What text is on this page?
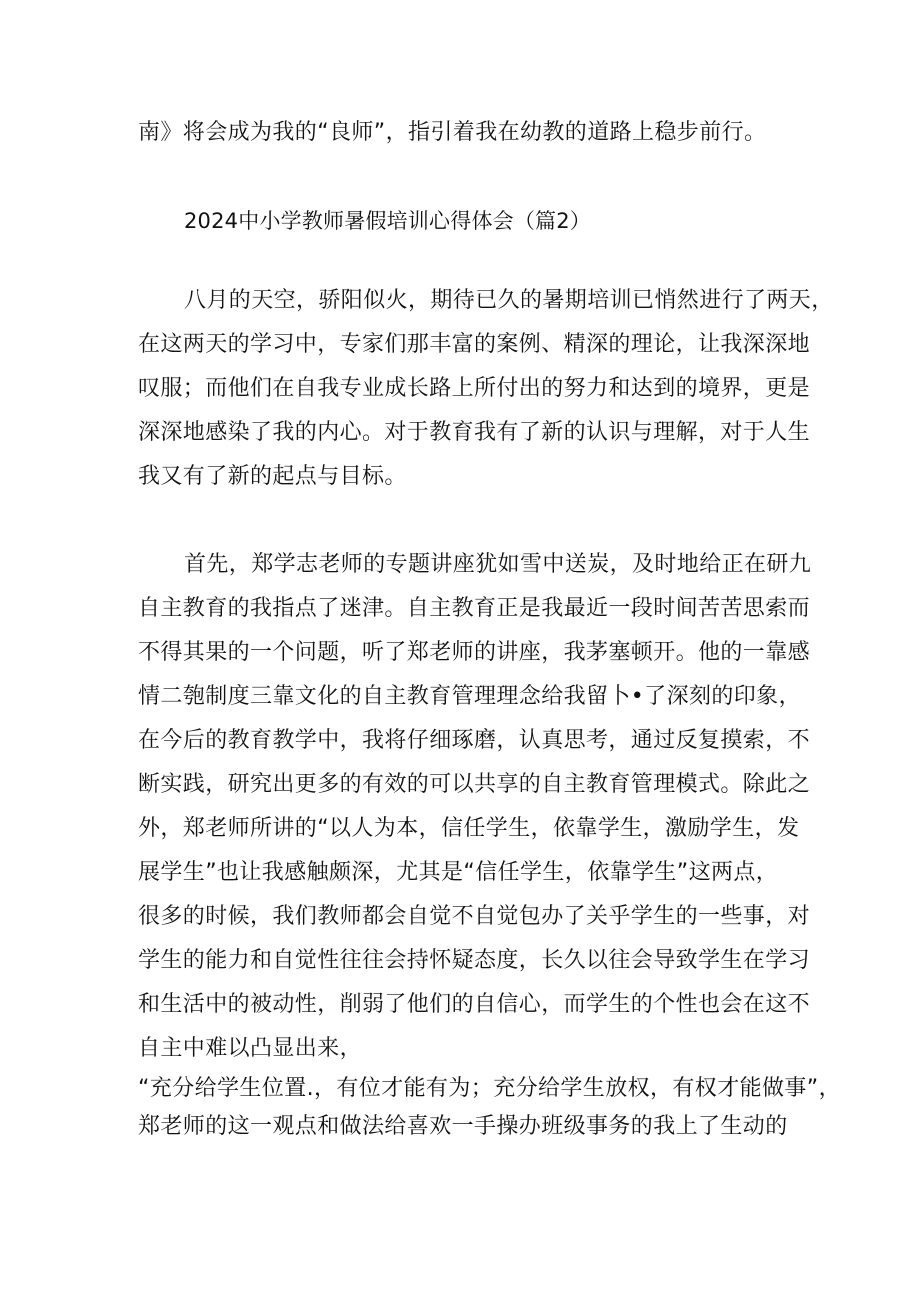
南》将会成为我的“良师”，指引着我在幼教的道路上稳步前行。
2024中小学教师暑假培训心得体会（篇2）
八月的天空，骄阳似火，期待已久的暑期培训已悄然进行了两天，
在这两天的学习中，专家们那丰富的案例、精深的理论，让我深深地
叹服；而他们在自我专业成长路上所付出的努力和达到的境界，更是
深深地感染了我的内心。对于教育我有了新的认识与理解，对于人生
我又有了新的起点与目标。
首先，郑学志老师的专题讲座犹如雪中送炭，及时地给正在研九
自主教育的我指点了迷津。自主教育正是我最近一段时间苦苦思索而
不得其果的一个问题，听了郑老师的讲座，我茅塞顿开。他的一靠感
情二匏制度三靠文化的自主教育管理理念给我留卜•了深刻的印象，
在今后的教育教学中，我将仔细琢磨，认真思考，通过反复摸索，不
断实践，研究出更多的有效的可以共享的自主教育管理模式。除此之
外，郑老师所讲的“以人为本，信任学生，依靠学生，激励学生，发
展学生”也让我感触颇深，尤其是“信任学生，依靠学生”这两点，
很多的时候，我们教师都会自觉不自觉包办了关乎学生的一些事，对
学生的能力和自觉性往往会持怀疑态度，长久以往会导致学生在学习
和生活中的被动性，削弱了他们的自信心，而学生的个性也会在这不
自主中难以凸显出来，
“充分给学生位置.，有位才能有为；充分给学生放权，有权才能做事”，
郑老师的这一观点和做法给喜欢一手操办班级事务的我上了生动的
